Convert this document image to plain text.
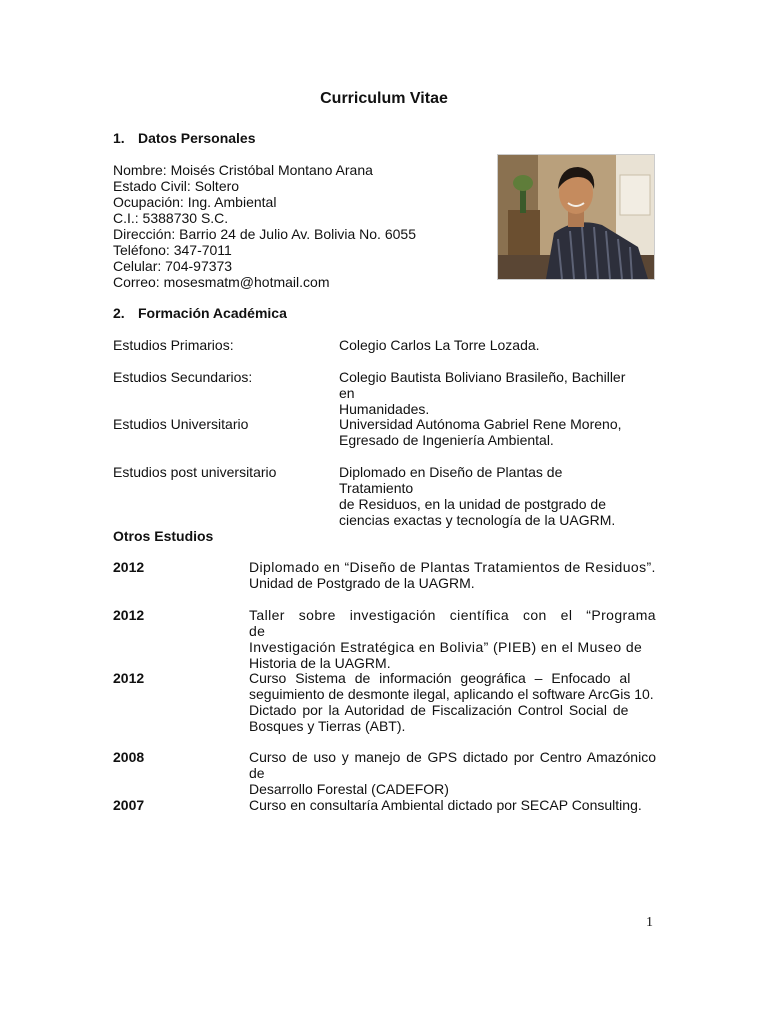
Curriculum Vitae
1. Datos Personales
Nombre: Moisés Cristóbal Montano Arana
Estado Civil: Soltero
Ocupación: Ing. Ambiental
C.I.: 5388730 S.C.
Dirección: Barrio 24 de Julio Av. Bolivia No. 6055
Teléfono: 347-7011
Celular: 704-97373
Correo: mosesmatm@hotmail.com
2. Formación Académica
Estudios Primarios:	Colegio Carlos La Torre Lozada.
Estudios Secundarios:	Colegio Bautista Boliviano Brasileño, Bachiller en
Humanidades.
Estudios Universitario	Universidad Autónoma Gabriel Rene Moreno,
Egresado de Ingeniería Ambiental.
Estudios post universitario	Diplomado en Diseño de Plantas de Tratamiento
de Residuos, en la unidad de postgrado de
ciencias exactas y tecnología de la UAGRM.
Otros Estudios
2012	Diplomado en “Diseño de Plantas Tratamientos de Residuos”.
Unidad de Postgrado de la UAGRM.
2012	Taller sobre investigación científica con el “Programa de
Investigación Estratégica en Bolivia” (PIEB) en el Museo de
Historia de la UAGRM.
2012	Curso Sistema de información geográfica – Enfocado al
seguimiento de desmonte ilegal, aplicando el software ArcGis 10.
Dictado por la Autoridad de Fiscalización Control Social de
Bosques y Tierras (ABT).
2008	Curso de uso y manejo de GPS dictado por Centro Amazónico de
Desarrollo Forestal (CADEFOR)
2007	Curso en consultaría Ambiental dictado por SECAP Consulting.
1
